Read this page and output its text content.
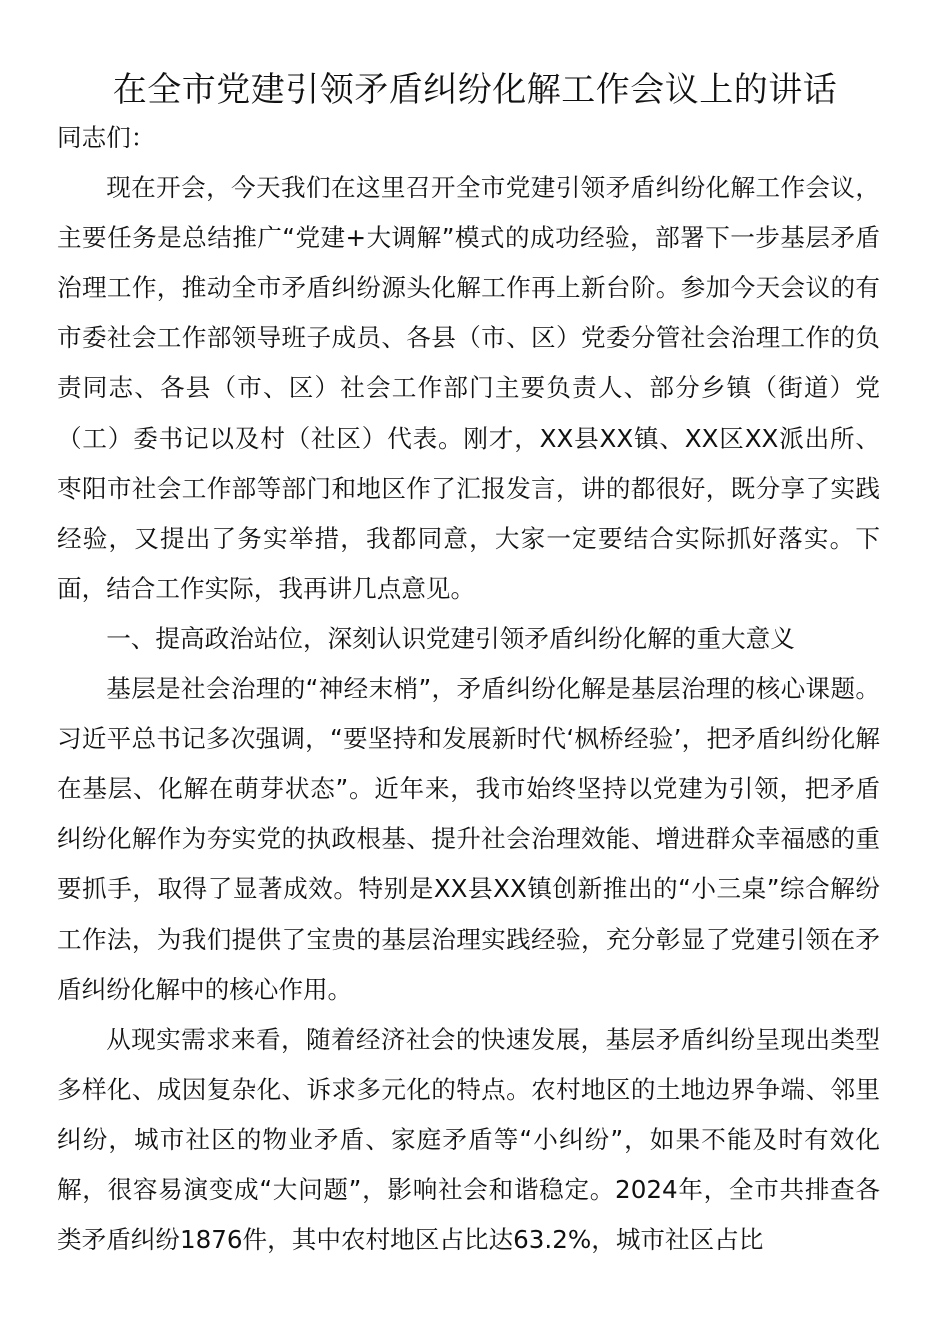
在全市党建引领矛盾纠纷化解工作会议上的讲话

同志们：

现在开会，今天我们在这里召开全市党建引领矛盾纠纷化解工作会议，主要任务是总结推广“党建+大调解”模式的成功经验，部署下一步基层矛盾治理工作，推动全市矛盾纠纷源头化解工作再上新台阶。参加今天会议的有市委社会工作部领导班子成员、各县（市、区）党委分管社会治理工作的负责同志、各县（市、区）社会工作部门主要负责人、部分乡镇（街道）党（工）委书记以及村（社区）代表。刚才，XX县XX镇、XX区XX派出所、枣阳市社会工作部等部门和地区作了汇报发言，讲的都很好，既分享了实践经验，又提出了务实举措，我都同意，大家一定要结合实际抓好落实。下面，结合工作实际，我再讲几点意见。

一、提高政治站位，深刻认识党建引领矛盾纠纷化解的重大意义

基层是社会治理的“神经末梢”，矛盾纠纷化解是基层治理的核心课题。习近平总书记多次强调，“要坚持和发展新时代‘枫桥经验’，把矛盾纠纷化解在基层、化解在萌芽状态”。近年来，我市始终坚持以党建为引领，把矛盾纠纷化解作为夯实党的执政根基、提升社会治理效能、增进群众幸福感的重要抓手，取得了显著成效。特别是XX县XX镇创新推出的“小三桌”综合解纷工作法，为我们提供了宝贵的基层治理实践经验，充分彰显了党建引领在矛盾纠纷化解中的核心作用。

从现实需求来看，随着经济社会的快速发展，基层矛盾纠纷呈现出类型多样化、成因复杂化、诉求多元化的特点。农村地区的土地边界争端、邻里纠纷，城市社区的物业矛盾、家庭矛盾等“小纠纷”，如果不能及时有效化解，很容易演变成“大问题”，影响社会和谐稳定。2024年，全市共排查各类矛盾纠纷1876件，其中农村地区占比达63.2%，城市社区占比
